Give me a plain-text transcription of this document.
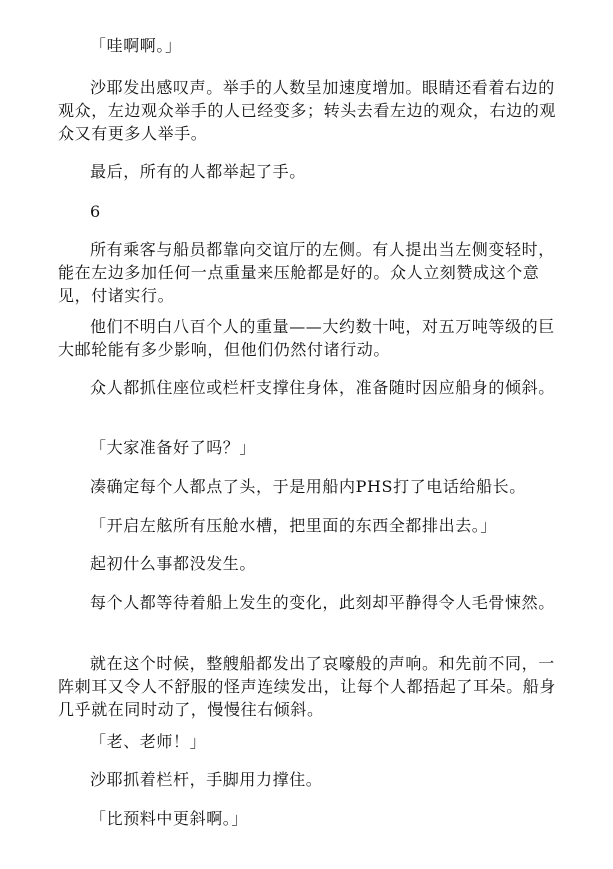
「哇啊啊。」

沙耶发出感叹声。举手的人数呈加速度增加。眼睛还看着右边的观众，左边观众举手的人已经变多；转头去看左边的观众，右边的观众又有更多人举手。

最后，所有的人都举起了手。

6

所有乘客与船员都靠向交谊厅的左侧。有人提出当左侧变轻时，能在左边多加任何一点重量来压舱都是好的。众人立刻赞成这个意见，付诸实行。

他们不明白八百个人的重量——大约数十吨，对五万吨等级的巨大邮轮能有多少影响，但他们仍然付诸行动。

众人都抓住座位或栏杆支撑住身体，准备随时因应船身的倾斜。

「大家准备好了吗？」

凑确定每个人都点了头，于是用船内PHS打了电话给船长。

「开启左舷所有压舱水槽，把里面的东西全都排出去。」

起初什么事都没发生。

每个人都等待着船上发生的变化，此刻却平静得令人毛骨悚然。

就在这个时候，整艘船都发出了哀嚎般的声响。和先前不同，一阵刺耳又令人不舒服的怪声连续发出，让每个人都捂起了耳朵。船身几乎就在同时动了，慢慢往右倾斜。

「老、老师！」

沙耶抓着栏杆，手脚用力撑住。

「比预料中更斜啊。」
